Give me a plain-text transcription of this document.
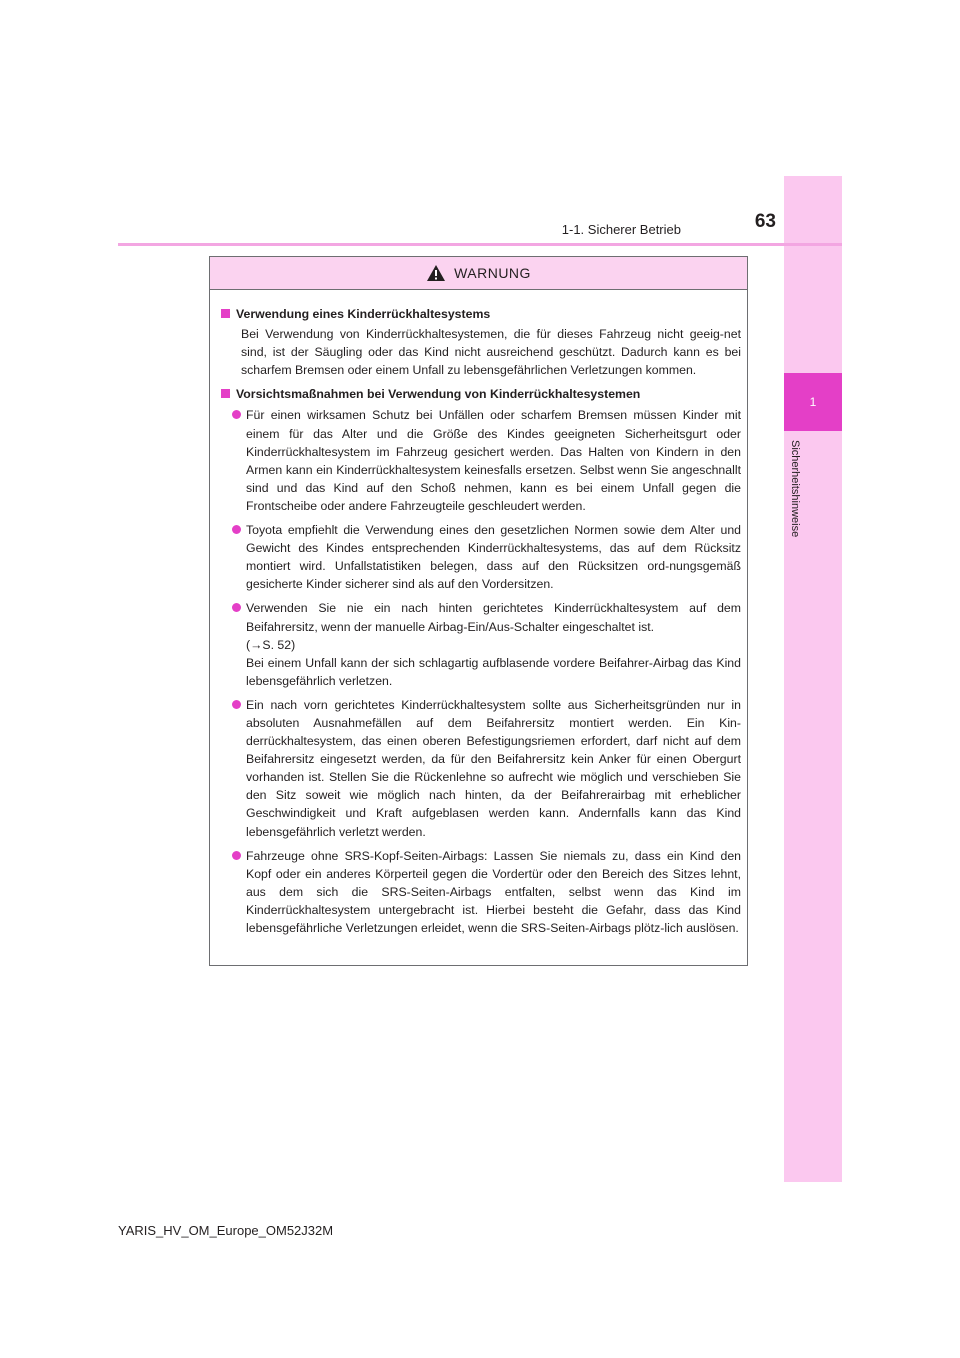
1
Sicherheitshinweise
1-1. Sicherer Betrieb	63
WARNUNG
Verwendung eines Kinderrückhaltesystems
Bei Verwendung von Kinderrückhaltesystemen, die für dieses Fahrzeug nicht geeig-net sind, ist der Säugling oder das Kind nicht ausreichend geschützt. Dadurch kann es bei scharfem Bremsen oder einem Unfall zu lebensgefährlichen Verletzungen kommen.
Vorsichtsmaßnahmen bei Verwendung von Kinderrückhaltesystemen
Für einen wirksamen Schutz bei Unfällen oder scharfem Bremsen müssen Kinder mit einem für das Alter und die Größe des Kindes geeigneten Sicherheitsgurt oder Kinderrückhaltesystem im Fahrzeug gesichert werden. Das Halten von Kindern in den Armen kann ein Kinderrückhaltesystem keinesfalls ersetzen. Selbst wenn Sie angeschnallt sind und das Kind auf den Schoß nehmen, kann es bei einem Unfall gegen die Frontscheibe oder andere Fahrzeugteile geschleudert werden.
Toyota empfiehlt die Verwendung eines den gesetzlichen Normen sowie dem Alter und Gewicht des Kindes entsprechenden Kinderrückhaltesystems, das auf dem Rücksitz montiert wird. Unfallstatistiken belegen, dass auf den Rücksitzen ord-nungsgemäß gesicherte Kinder sicherer sind als auf den Vordersitzen.
Verwenden Sie nie ein nach hinten gerichtetes Kinderrückhaltesystem auf dem Beifahrersitz, wenn der manuelle Airbag-Ein/Aus-Schalter eingeschaltet ist.
(→S. 52)
Bei einem Unfall kann der sich schlagartig aufblasende vordere Beifahrer-Airbag das Kind lebensgefährlich verletzen.
Ein nach vorn gerichtetes Kinderrückhaltesystem sollte aus Sicherheitsgründen nur in absoluten Ausnahmefällen auf dem Beifahrersitz montiert werden. Ein Kin-derrückhaltesystem, das einen oberen Befestigungsriemen erfordert, darf nicht auf dem Beifahrersitz eingesetzt werden, da für den Beifahrersitz kein Anker für einen Obergurt vorhanden ist. Stellen Sie die Rückenlehne so aufrecht wie möglich und verschieben Sie den Sitz soweit wie möglich nach hinten, da der Beifahrerairbag mit erheblicher Geschwindigkeit und Kraft aufgeblasen werden kann. Andernfalls kann das Kind lebensgefährlich verletzt werden.
Fahrzeuge ohne SRS-Kopf-Seiten-Airbags: Lassen Sie niemals zu, dass ein Kind den Kopf oder ein anderes Körperteil gegen die Vordertür oder den Bereich des Sitzes lehnt, aus dem sich die SRS-Seiten-Airbags entfalten, selbst wenn das Kind im Kinderrückhaltesystem untergebracht ist. Hierbei besteht die Gefahr, dass das Kind lebensgefährliche Verletzungen erleidet, wenn die SRS-Seiten-Airbags plötz-lich auslösen.
YARIS_HV_OM_Europe_OM52J32M
